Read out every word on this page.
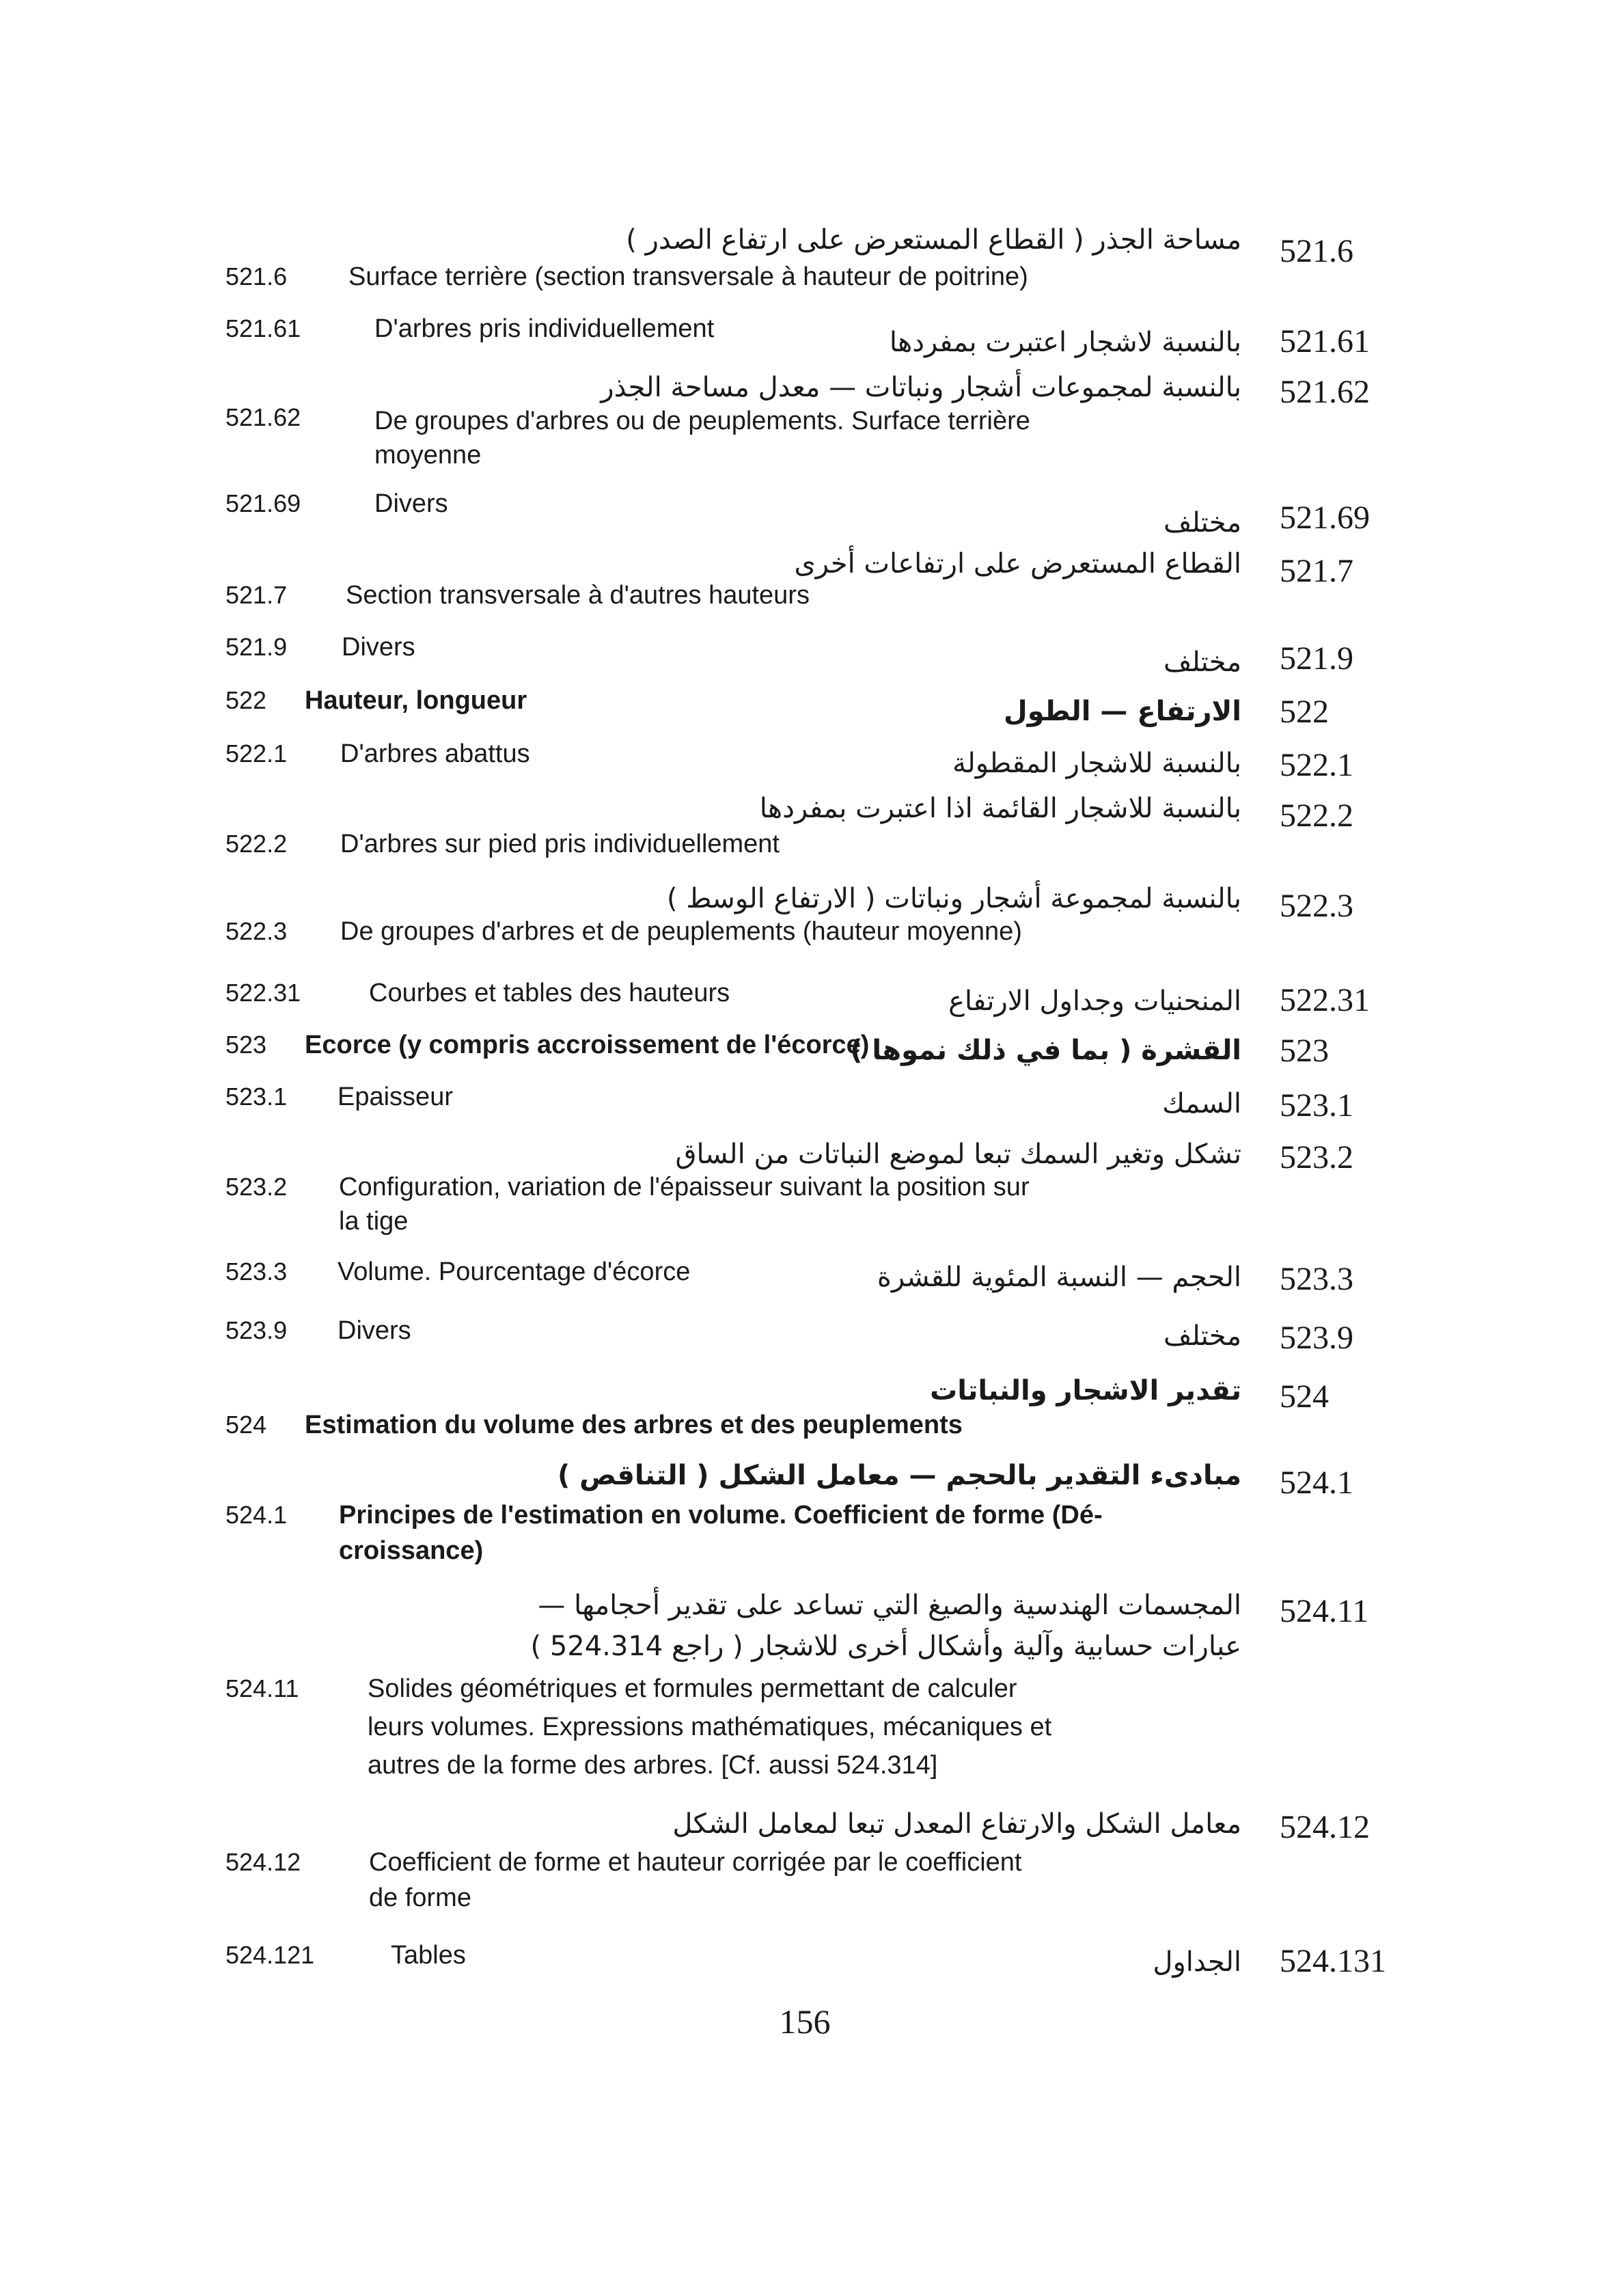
مساحة الجذر ( القطاع المستعرض على ارتفاع الصدر ) 521.6
521.6 Surface terrière (section transversale à hauteur de poitrine)
بالنسبة لاشجار اعتبرت بمفردها 521.61
521.61	D'arbres pris individuellement
بالنسبة لمجموعات أشجار ونباتات — معدل مساحة الجذر 521.62
521.62	De groupes d'arbres ou de peuplements. Surface terrière
moyenne
مختلف 521.69
521.69	Divers
القطاع المستعرض على ارتفاعات أخرى 521.7
521.7 Section transversale à d'autres hauteurs
مختلف 521.9
521.9 Divers
الارتفاع — الطول 522
522 Hauteur, longueur
بالنسبة للاشجار المقطولة 522.1
522.1 D'arbres abattus
بالنسبة للاشجار القائمة اذا اعتبرت بمفردها 522.2
522.2 D'arbres sur pied pris individuellement
بالنسبة لمجموعة أشجار ونباتات ( الارتفاع الوسط ) 522.3
522.3 De groupes d'arbres et de peuplements (hauteur moyenne)
المنحنيات وجداول الارتفاع 522.31
522.31	Courbes et tables des hauteurs
القشرة ( بما في ذلك نموها ) 523
523 Ecorce (y compris accroissement de l'écorce)
السمك 523.1
523.1 Epaisseur
تشكل وتغير السمك تبعا لموضع النباتات من الساق 523.2
523.2 Configuration, variation de l'épaisseur suivant la position sur
la tige
الحجم — النسبة المئوية للقشرة 523.3
523.3 Volume. Pourcentage d'écorce
مختلف 523.9
523.9 Divers
تقدير الاشجار والنباتات 524
524 Estimation du volume des arbres et des peuplements
مبادىء التقدير بالحجم — معامل الشكل ( التناقص ) 524.1
524.1 Principes de l'estimation en volume. Coefficient de forme (Dé-
croissance)
المجسمات الهندسية والصيغ التي تساعد على تقدير أحجامها —
عبارات حسابية وآلية وأشكال أخرى للاشجار ( راجع 524.314 )
524.11
524.11	Solides géométriques et formules permettant de calculer
leurs volumes. Expressions mathématiques, mécaniques et
autres de la forme des arbres. [Cf. aussi 524.314]
معامل الشكل والارتفاع المعدل تبعا لمعامل الشكل 524.12
524.12	Coefficient de forme et hauteur corrigée par le coefficient
de forme
الجداول 524.131
524.121	Tables
156
